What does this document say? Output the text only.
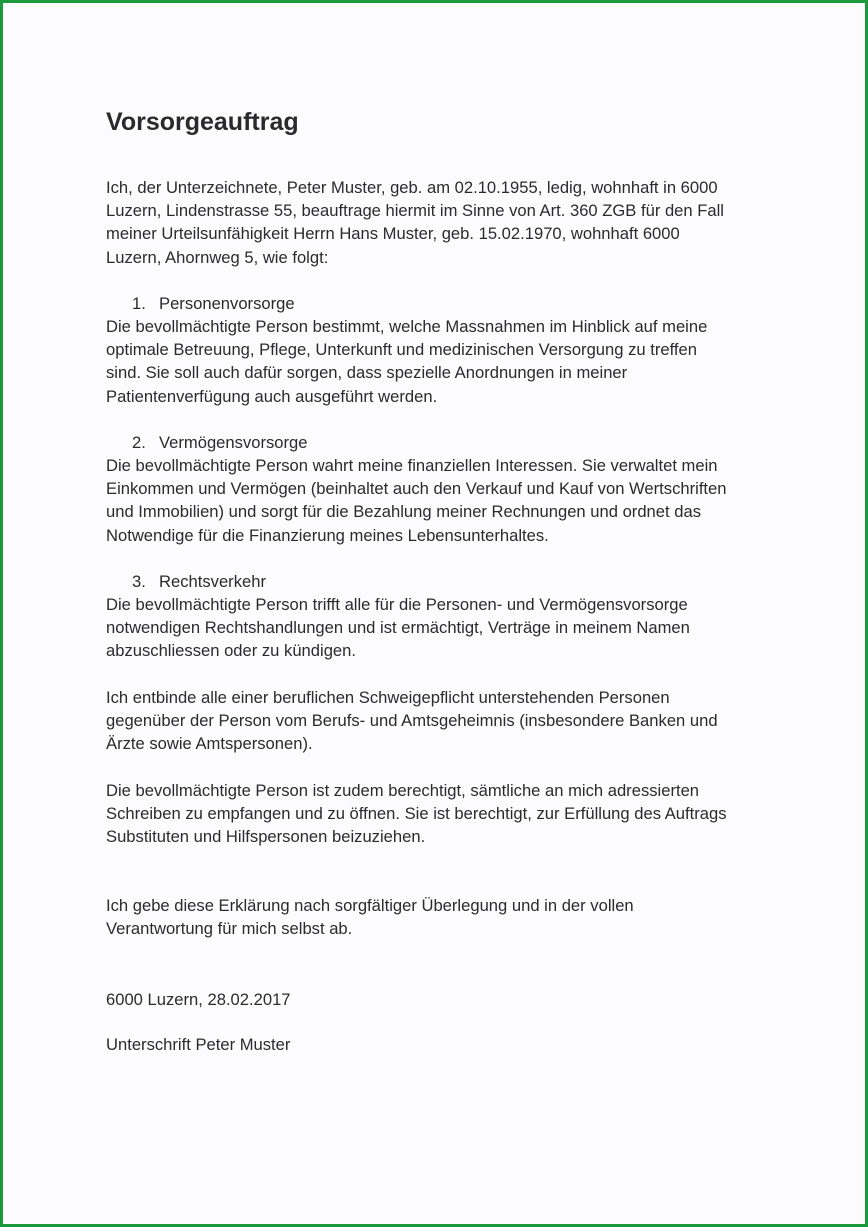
Vorsorgeauftrag
Ich, der Unterzeichnete, Peter Muster, geb. am 02.10.1955, ledig, wohnhaft in 6000
Luzern, Lindenstrasse 55, beauftrage hiermit im Sinne von Art. 360 ZGB für den Fall
meiner Urteilsunfähigkeit Herrn Hans Muster, geb. 15.02.1970, wohnhaft 6000
Luzern, Ahornweg 5, wie folgt:
1. Personenvorsorge
Die bevollmächtigte Person bestimmt, welche Massnahmen im Hinblick auf meine
optimale Betreuung, Pflege, Unterkunft und medizinischen Versorgung zu treffen
sind. Sie soll auch dafür sorgen, dass spezielle Anordnungen in meiner
Patientenverfügung auch ausgeführt werden.
2. Vermögensvorsorge
Die bevollmächtigte Person wahrt meine finanziellen Interessen. Sie verwaltet mein
Einkommen und Vermögen (beinhaltet auch den Verkauf und Kauf von Wertschriften
und Immobilien) und sorgt für die Bezahlung meiner Rechnungen und ordnet das
Notwendige für die Finanzierung meines Lebensunterhaltes.
3. Rechtsverkehr
Die bevollmächtigte Person trifft alle für die Personen- und Vermögensvorsorge
notwendigen Rechtshandlungen und ist ermächtigt, Verträge in meinem Namen
abzuschliessen oder zu kündigen.
Ich entbinde alle einer beruflichen Schweigepflicht unterstehenden Personen
gegenüber der Person vom Berufs- und Amtsgeheimnis (insbesondere Banken und
Ärzte sowie Amtspersonen).
Die bevollmächtigte Person ist zudem berechtigt, sämtliche an mich adressierten
Schreiben zu empfangen und zu öffnen. Sie ist berechtigt, zur Erfüllung des Auftrags
Substituten und Hilfspersonen beizuziehen.
Ich gebe diese Erklärung nach sorgfältiger Überlegung und in der vollen
Verantwortung für mich selbst ab.
6000 Luzern, 28.02.2017
Unterschrift Peter Muster
